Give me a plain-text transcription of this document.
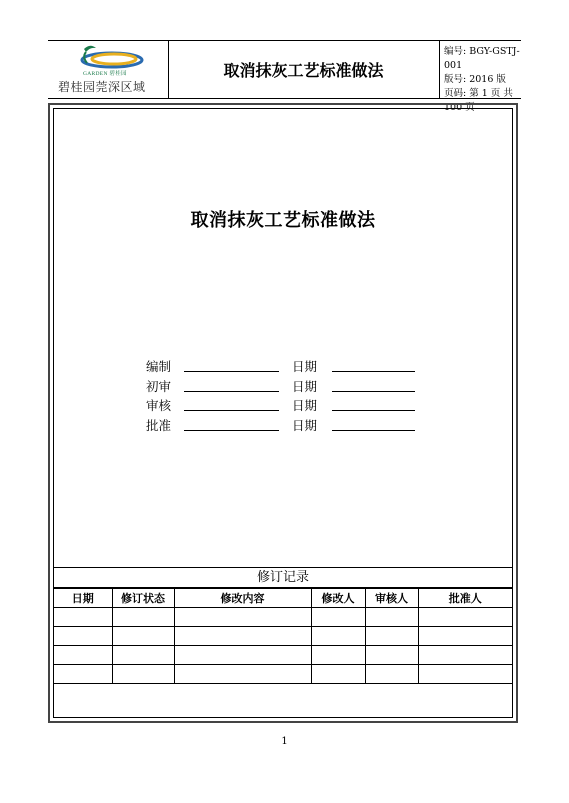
GARDEN 碧桂园
碧桂园莞深区域
取消抹灰工艺标准做法
编号: BGY-GSTJ-001
版号: 2016 版
页码: 第 1 页 共 100 页
取消抹灰工艺标准做法
编制	日期
初审	日期
审核	日期
批准	日期
修订记录
日期	修订状态	修改内容	修改人	审核人	批准人

1
